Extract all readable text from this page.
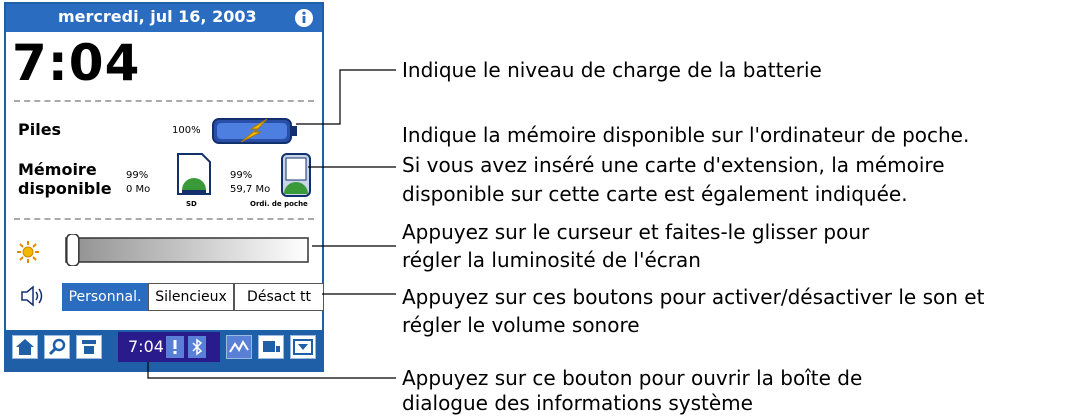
mercredi, jul 16, 2003
7:04
Piles	100%
Mémoire
disponible
99%
0 Mo
SD
99%
59,7 Mo
Ordi. de poche
Personnal. Silencieux	Désact tt
7:04
Indique le niveau de charge de la batterie
Indique la mémoire disponible sur l'ordinateur de poche.
Si vous avez inséré une carte d'extension, la mémoire
disponible sur cette carte est également indiquée.
Appuyez sur le curseur et faites-le glisser pour
régler la luminosité de l'écran
Appuyez sur ces boutons pour activer/désactiver le son et
régler le volume sonore
Appuyez sur ce bouton pour ouvrir la boîte de
dialogue des informations système
